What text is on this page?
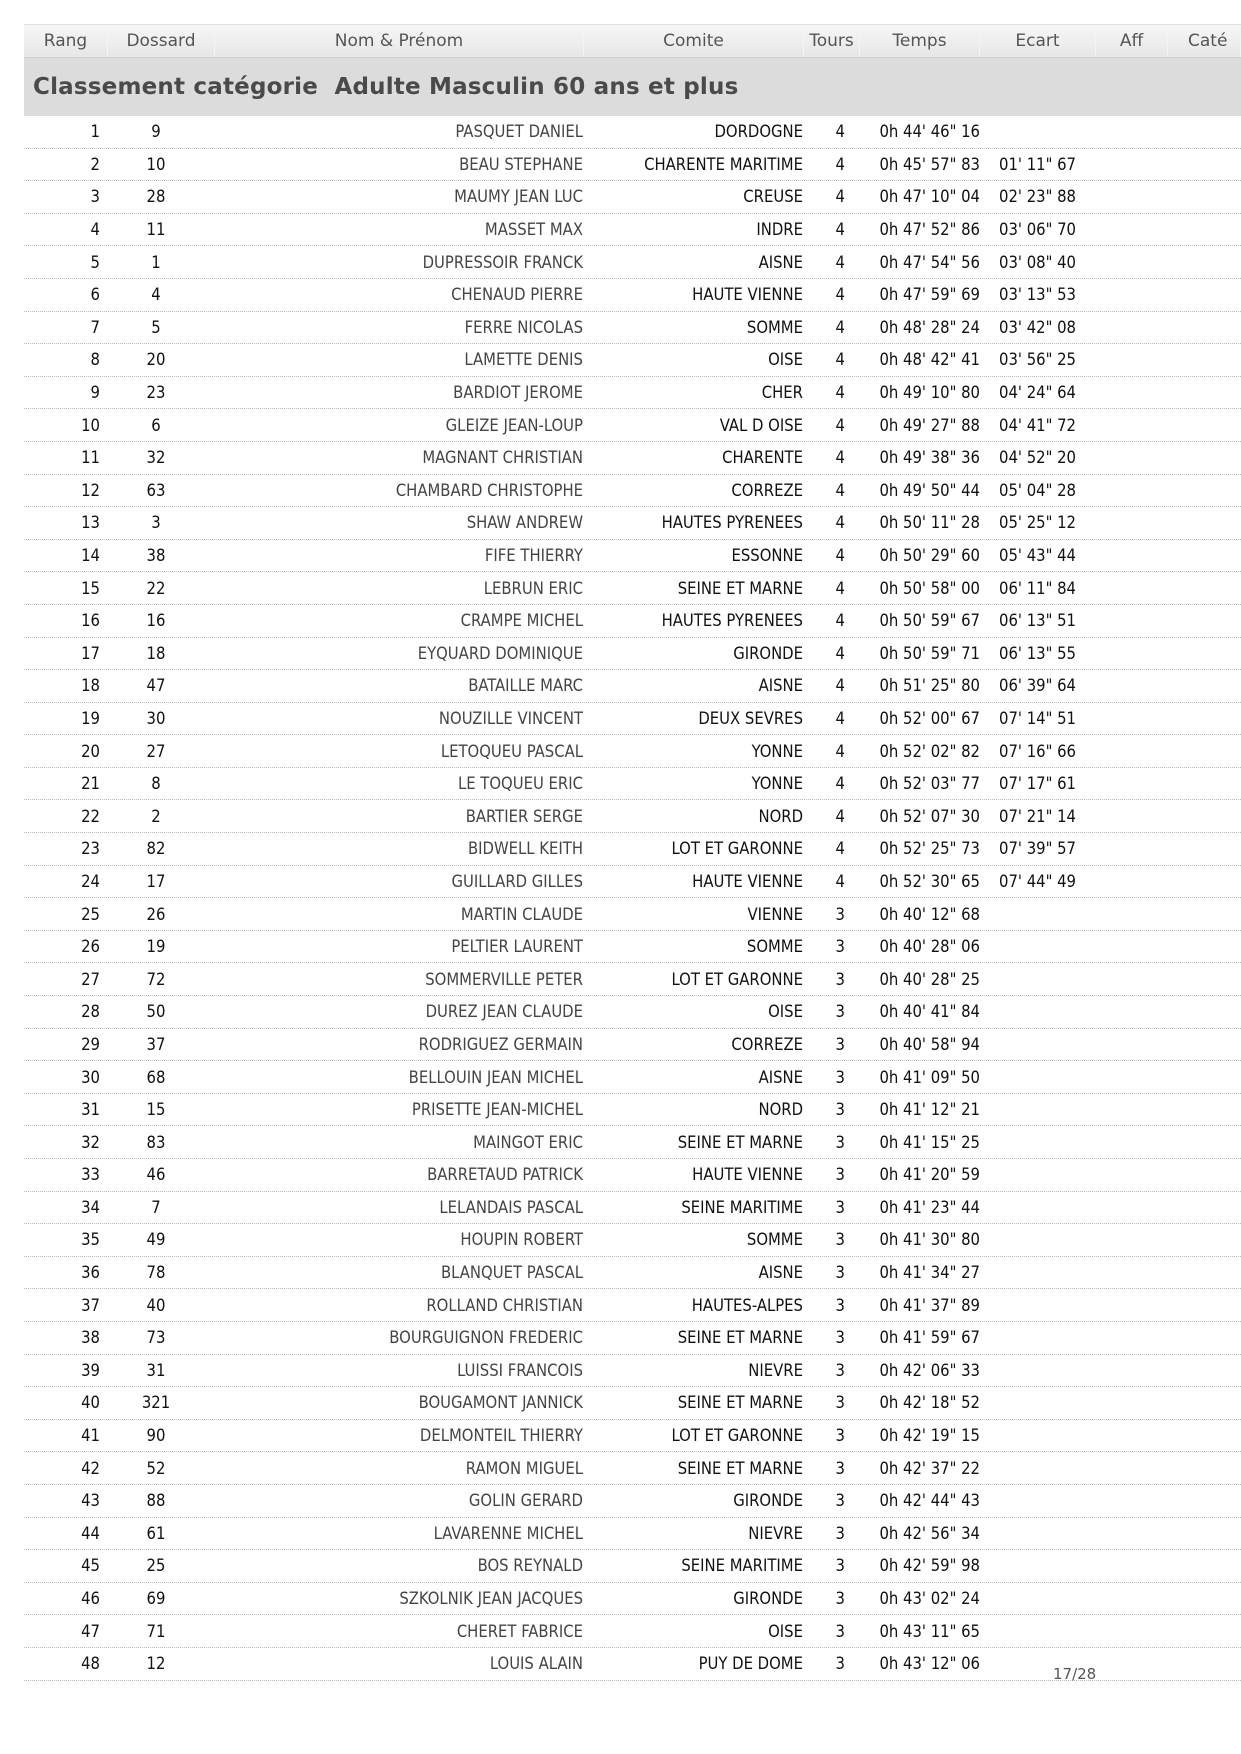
Rang	Dossard	Nom & Prénom	Comite	Tours	Temps	Ecart	Aff	Caté
Classement catégorie  Adulte Masculin 60 ans et plus
1	9	PASQUET DANIEL	DORDOGNE	4	0h 44' 46" 16
2	10	BEAU STEPHANE	CHARENTE MARITIME	4	0h 45' 57" 83	01' 11" 67
3	28	MAUMY JEAN LUC	CREUSE	4	0h 47' 10" 04	02' 23" 88
4	11	MASSET MAX	INDRE	4	0h 47' 52" 86	03' 06" 70
5	1	DUPRESSOIR FRANCK	AISNE	4	0h 47' 54" 56	03' 08" 40
6	4	CHENAUD PIERRE	HAUTE VIENNE	4	0h 47' 59" 69	03' 13" 53
7	5	FERRE NICOLAS	SOMME	4	0h 48' 28" 24	03' 42" 08
8	20	LAMETTE DENIS	OISE	4	0h 48' 42" 41	03' 56" 25
9	23	BARDIOT JEROME	CHER	4	0h 49' 10" 80	04' 24" 64
10	6	GLEIZE JEAN-LOUP	VAL D OISE	4	0h 49' 27" 88	04' 41" 72
11	32	MAGNANT CHRISTIAN	CHARENTE	4	0h 49' 38" 36	04' 52" 20
12	63	CHAMBARD CHRISTOPHE	CORREZE	4	0h 49' 50" 44	05' 04" 28
13	3	SHAW ANDREW	HAUTES PYRENEES	4	0h 50' 11" 28	05' 25" 12
14	38	FIFE THIERRY	ESSONNE	4	0h 50' 29" 60	05' 43" 44
15	22	LEBRUN ERIC	SEINE ET MARNE	4	0h 50' 58" 00	06' 11" 84
16	16	CRAMPE MICHEL	HAUTES PYRENEES	4	0h 50' 59" 67	06' 13" 51
17	18	EYQUARD DOMINIQUE	GIRONDE	4	0h 50' 59" 71	06' 13" 55
18	47	BATAILLE MARC	AISNE	4	0h 51' 25" 80	06' 39" 64
19	30	NOUZILLE VINCENT	DEUX SEVRES	4	0h 52' 00" 67	07' 14" 51
20	27	LETOQUEU PASCAL	YONNE	4	0h 52' 02" 82	07' 16" 66
21	8	LE TOQUEU ERIC	YONNE	4	0h 52' 03" 77	07' 17" 61
22	2	BARTIER SERGE	NORD	4	0h 52' 07" 30	07' 21" 14
23	82	BIDWELL KEITH	LOT ET GARONNE	4	0h 52' 25" 73	07' 39" 57
24	17	GUILLARD GILLES	HAUTE VIENNE	4	0h 52' 30" 65	07' 44" 49
25	26	MARTIN CLAUDE	VIENNE	3	0h 40' 12" 68
26	19	PELTIER LAURENT	SOMME	3	0h 40' 28" 06
27	72	SOMMERVILLE PETER	LOT ET GARONNE	3	0h 40' 28" 25
28	50	DUREZ JEAN CLAUDE	OISE	3	0h 40' 41" 84
29	37	RODRIGUEZ GERMAIN	CORREZE	3	0h 40' 58" 94
30	68	BELLOUIN JEAN MICHEL	AISNE	3	0h 41' 09" 50
31	15	PRISETTE JEAN-MICHEL	NORD	3	0h 41' 12" 21
32	83	MAINGOT ERIC	SEINE ET MARNE	3	0h 41' 15" 25
33	46	BARRETAUD PATRICK	HAUTE VIENNE	3	0h 41' 20" 59
34	7	LELANDAIS PASCAL	SEINE MARITIME	3	0h 41' 23" 44
35	49	HOUPIN ROBERT	SOMME	3	0h 41' 30" 80
36	78	BLANQUET PASCAL	AISNE	3	0h 41' 34" 27
37	40	ROLLAND CHRISTIAN	HAUTES-ALPES	3	0h 41' 37" 89
38	73	BOURGUIGNON FREDERIC	SEINE ET MARNE	3	0h 41' 59" 67
39	31	LUISSI FRANCOIS	NIEVRE	3	0h 42' 06" 33
40	321	BOUGAMONT JANNICK	SEINE ET MARNE	3	0h 42' 18" 52
41	90	DELMONTEIL THIERRY	LOT ET GARONNE	3	0h 42' 19" 15
42	52	RAMON MIGUEL	SEINE ET MARNE	3	0h 42' 37" 22
43	88	GOLIN GERARD	GIRONDE	3	0h 42' 44" 43
44	61	LAVARENNE MICHEL	NIEVRE	3	0h 42' 56" 34
45	25	BOS REYNALD	SEINE MARITIME	3	0h 42' 59" 98
46	69	SZKOLNIK JEAN JACQUES	GIRONDE	3	0h 43' 02" 24
47	71	CHERET FABRICE	OISE	3	0h 43' 11" 65
48	12	LOUIS ALAIN	PUY DE DOME	3	0h 43' 12" 06
17/28
